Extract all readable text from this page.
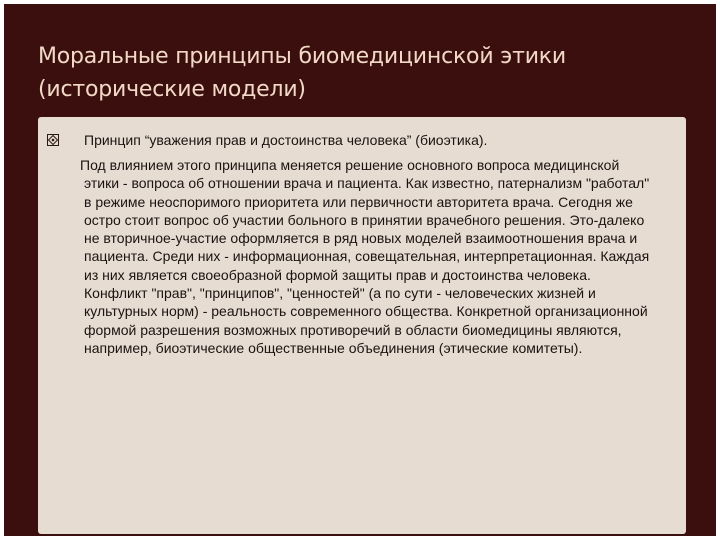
Моральные принципы биомедицинской этики (исторические модели)
Принцип “уважения прав и достоинства человека” (биоэтика).

Под влиянием этого принципа меняется решение основного вопроса медицинской этики - вопроса об отношении врача и пациента. Как известно, патернализм "работал" в режиме неоспоримого приоритета или первичности авторитета врача. Сегодня же остро стоит вопрос об участии больного в принятии врачебного решения. Это-далеко не вторичное-участие оформляется в ряд новых моделей взаимоотношения врача и пациента. Среди них - информационная, совещательная, интерпретационная. Каждая из них является своеобразной формой защиты прав и достоинства человека. Конфликт "прав", "принципов", "ценностей" (а по сути - человеческих жизней и культурных норм) - реальность современного общества. Конкретной организационной формой разрешения возможных противоречий в области биомедицины являются, например, биоэтические общественные объединения (этические комитеты).
